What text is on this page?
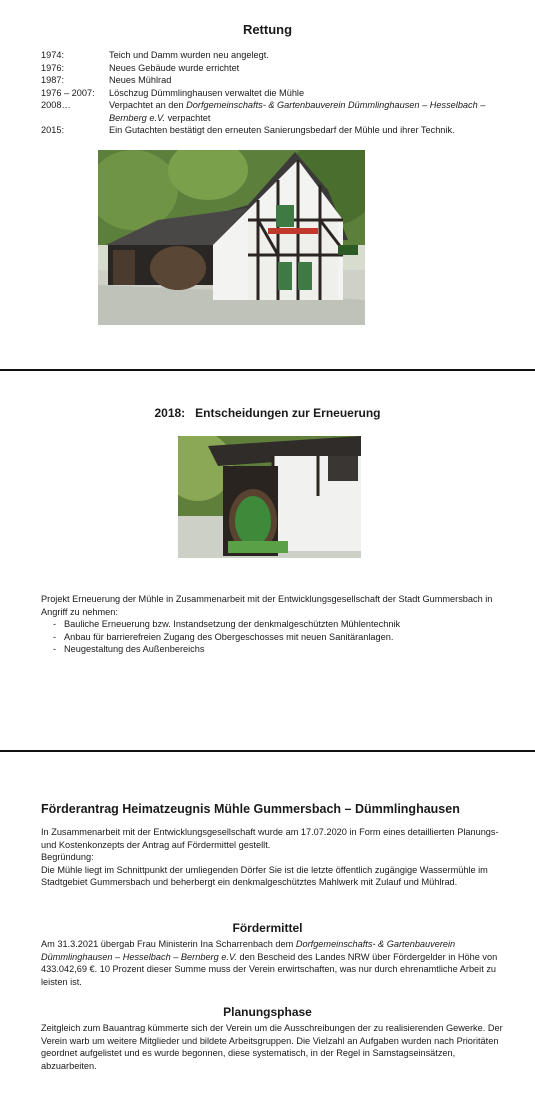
Rettung
1974:	Teich und Damm wurden neu angelegt.
1976:	Neues Gebäude wurde errichtet
1987:	Neues Mühlrad
1976 – 2007:	Löschzug Dümmlinghausen verwaltet die Mühle
2008…	Verpachtet an den Dorfgemeinschafts- & Gartenbauverein Dümmlinghausen – Hesselbach – Bernberg e.V. verpachtet
2015:	Ein Gutachten bestätigt den erneuten Sanierungsbedarf der Mühle und ihrer Technik.
2018:   Entscheidungen zur Erneuerung
Projekt Erneuerung der Mühle in Zusammenarbeit mit der Entwicklungsgesellschaft der Stadt Gummersbach in Angriff zu nehmen:
- Bauliche Erneuerung bzw. Instandsetzung der denkmalgeschützten Mühlentechnik
- Anbau für barrierefreien Zugang des Obergeschosses mit neuen Sanitäranlagen.
- Neugestaltung des Außenbereichs
Förderantrag Heimatzeugnis Mühle Gummersbach – Dümmlinghausen
In Zusammenarbeit mit der Entwicklungsgesellschaft wurde am 17.07.2020 in Form eines detaillierten Planungs- und Kostenkonzepts der Antrag auf Fördermittel gestellt.
Begründung:
Die Mühle liegt im Schnittpunkt der umliegenden Dörfer Sie ist die letzte öffentlich zugängige Wassermühle im Stadtgebiet Gummersbach und beherbergt ein denkmalgeschütztes Mahlwerk mit Zulauf und Mühlrad.
Fördermittel
Am 31.3.2021 übergab Frau Ministerin Ina Scharrenbach dem Dorfgemeinschafts- & Gartenbauverein Dümmlinghausen – Hesselbach – Bernberg e.V. den Bescheid des Landes NRW über Fördergelder in Höhe von 433.042,69 €. 10 Prozent dieser Summe muss der Verein erwirtschaften, was nur durch ehrenamtliche Arbeit zu leisten ist.
Planungsphase
Zeitgleich zum Bauantrag kümmerte sich der Verein um die Ausschreibungen der zu realisierenden Gewerke. Der Verein warb um weitere Mitglieder und bildete Arbeitsgruppen. Die Vielzahl an Aufgaben wurden nach Prioritäten geordnet aufgelistet und es wurde begonnen, diese systematisch, in der Regel in Samstagseinsätzen, abzuarbeiten.
